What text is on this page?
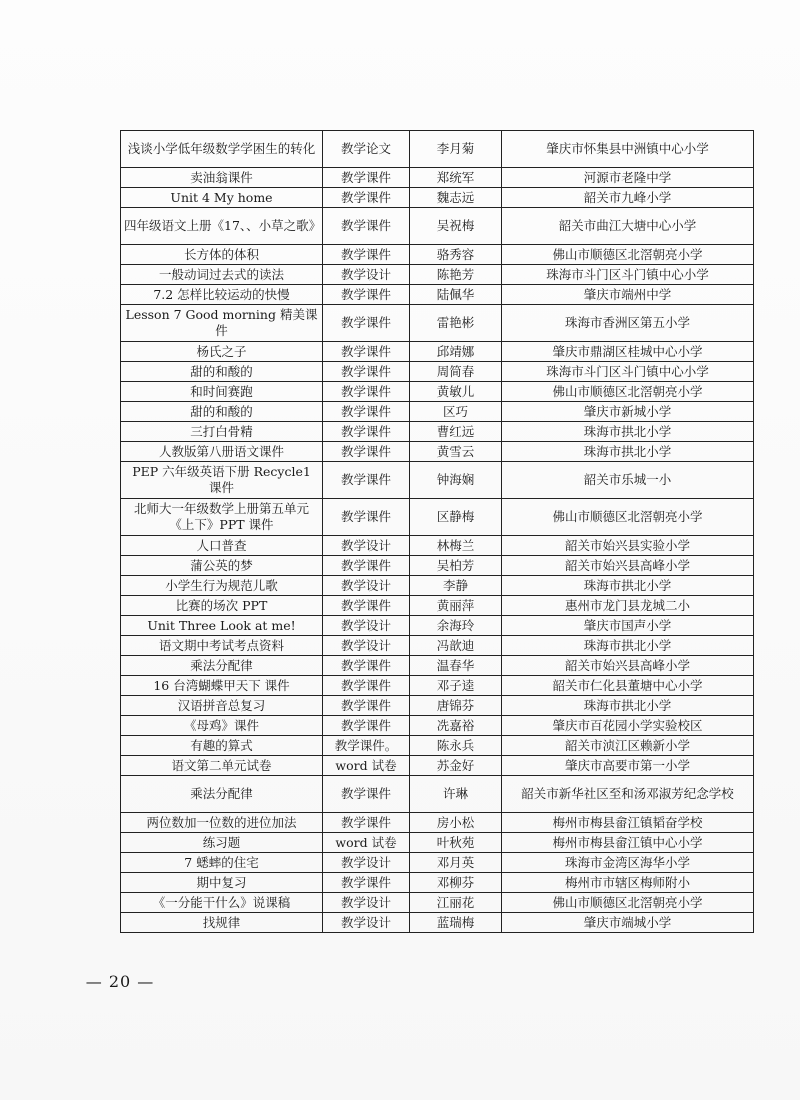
浅谈小学低年级数学学困生的转化	教学论文	李月菊	肇庆市怀集县中洲镇中心小学
卖油翁课件	教学课件	郑统军	河源市老隆中学
Unit 4 My home	教学课件	魏志远	韶关市九峰小学
四年级语文上册《17、、小草之歌》	教学课件	吴祝梅	韶关市曲江大塘中心小学
长方体的体积	教学课件	骆秀容	佛山市顺德区北滘朝亮小学
一般动词过去式的读法	教学设计	陈艳芳	珠海市斗门区斗门镇中心小学
7.2 怎样比较运动的快慢	教学课件	陆佩华	肇庆市端州中学
Lesson 7 Good morning 精美课件	教学课件	雷艳彬	珠海市香洲区第五小学
杨氏之子	教学课件	邱靖娜	肇庆市鼎湖区桂城中心小学
甜的和酸的	教学课件	周简春	珠海市斗门区斗门镇中心小学
和时间赛跑	教学课件	黄敏儿	佛山市顺德区北滘朝亮小学
甜的和酸的	教学课件	区巧	肇庆市新城小学
三打白骨精	教学课件	曹红远	珠海市拱北小学
人教版第八册语文课件	教学课件	黄雪云	珠海市拱北小学
PEP 六年级英语下册 Recycle1 课件	教学课件	钟海娴	韶关市乐城一小
北师大一年级数学上册第五单元《上下》PPT 课件	教学课件	区静梅	佛山市顺德区北滘朝亮小学
人口普查	教学设计	林梅兰	韶关市始兴县实验小学
蒲公英的梦	教学课件	吴柏芳	韶关市始兴县高峰小学
小学生行为规范儿歌	教学设计	李静	珠海市拱北小学
比赛的场次 PPT	教学课件	黄丽萍	惠州市龙门县龙城二小
Unit Three Look at me!	教学设计	余海玲	肇庆市国声小学
语文期中考试考点资料	教学设计	冯歆迪	珠海市拱北小学
乘法分配律	教学课件	温春华	韶关市始兴县高峰小学
16 台湾蝴蝶甲天下 课件	教学课件	邓子逵	韶关市仁化县董塘中心小学
汉语拼音总复习	教学课件	唐锦芬	珠海市拱北小学
《母鸡》课件	教学课件	冼嘉裕	肇庆市百花园小学实验校区
有趣的算式	教学课件。	陈永兵	韶关市浈江区赖新小学
语文第二单元试卷	word 试卷	苏金好	肇庆市高要市第一小学
乘法分配律	教学课件	许琳	韶关市新华社区至和汤邓淑芳纪念学校
两位数加一位数的进位加法	教学课件	房小松	梅州市梅县畲江镇韬奋学校
练习题	word 试卷	叶秋苑	梅州市梅县畲江镇中心小学
7 蟋蟀的住宅	教学设计	邓月英	珠海市金湾区海华小学
期中复习	教学课件	邓柳芬	梅州市市辖区梅师附小
《一分能干什么》说课稿	教学设计	江丽花	佛山市顺德区北滘朝亮小学
找规律	教学设计	蓝瑞梅	肇庆市端城小学
— 20 —
